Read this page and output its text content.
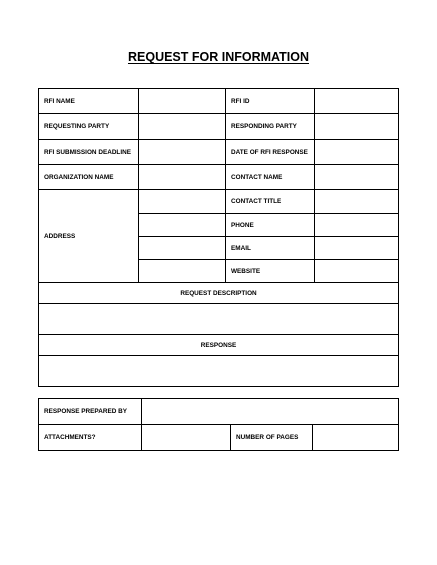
REQUEST FOR INFORMATION
RFI NAME		RFI ID	
REQUESTING PARTY		RESPONDING PARTY	
RFI SUBMISSION DEADLINE		DATE OF RFI RESPONSE	
ORGANIZATION NAME		CONTACT NAME	
ADDRESS		CONTACT TITLE	
		PHONE	
		EMAIL	
		WEBSITE	
REQUEST DESCRIPTION			

RESPONSE			

RESPONSE PREPARED BY			
ATTACHMENTS?		NUMBER OF PAGES	
